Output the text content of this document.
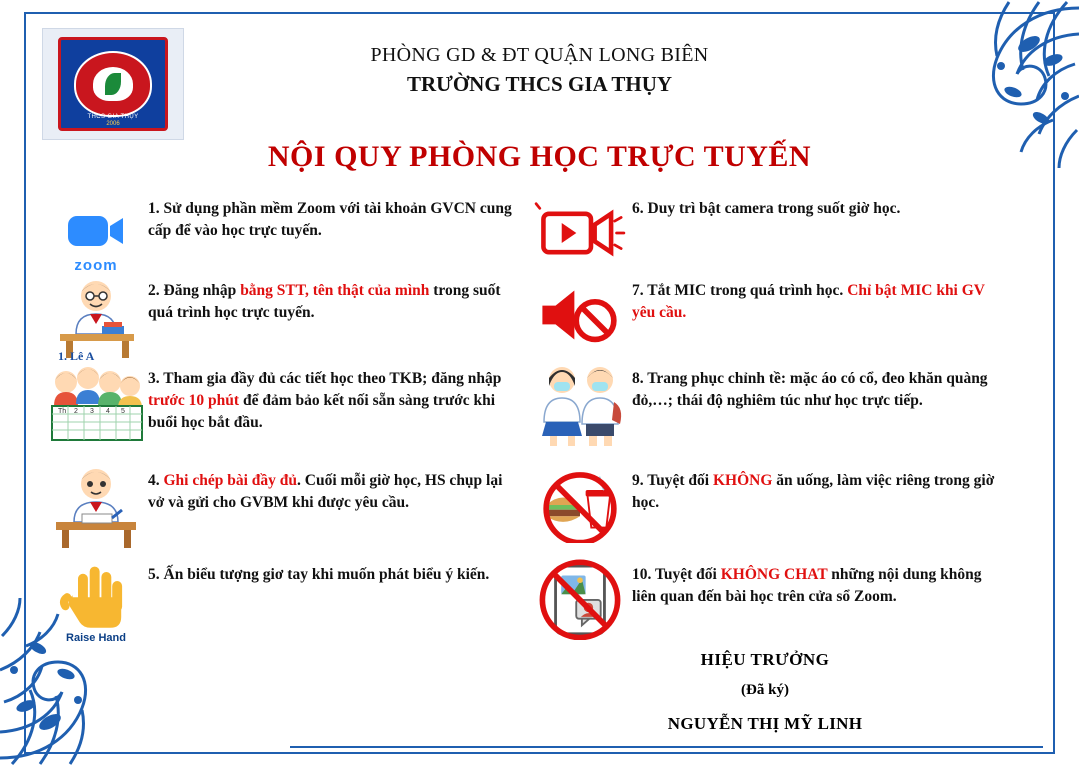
THCS GIA THỤY
2006
PHÒNG GD & ĐT QUẬN LONG BIÊN
TRƯỜNG THCS GIA THỤY
NỘI QUY PHÒNG HỌC TRỰC TUYẾN
zoom
1. Sử dụng phần mềm Zoom với tài khoản GVCN cung cấp để vào học trực tuyến.
1. Lê A
2. Đăng nhập bằng STT, tên thật của mình trong suốt quá trình học trực tuyến.
Th 2 3 4 5
3. Tham gia đầy đủ các tiết học theo TKB; đăng nhập trước 10 phút để đảm bảo kết nối sẵn sàng trước khi buổi học bắt đầu.
4. Ghi chép bài đầy đủ. Cuối mỗi giờ học, HS chụp lại vở và gửi cho GVBM khi được yêu cầu.
Raise Hand
5. Ấn biểu tượng giơ tay khi muốn phát biểu ý kiến.
6. Duy trì bật camera trong suốt giờ học.
7. Tắt MIC trong quá trình học. Chỉ bật MIC khi GV yêu cầu.
8. Trang phục chỉnh tề: mặc áo có cổ, đeo khăn quàng đỏ,…; thái độ nghiêm túc như học trực tiếp.
9. Tuyệt đối KHÔNG ăn uống, làm việc riêng trong giờ học.
10. Tuyệt đối KHÔNG CHAT những nội dung không liên quan đến bài học trên cửa sổ Zoom.
HIỆU TRƯỞNG
(Đã ký)
NGUYỄN THỊ MỸ LINH
